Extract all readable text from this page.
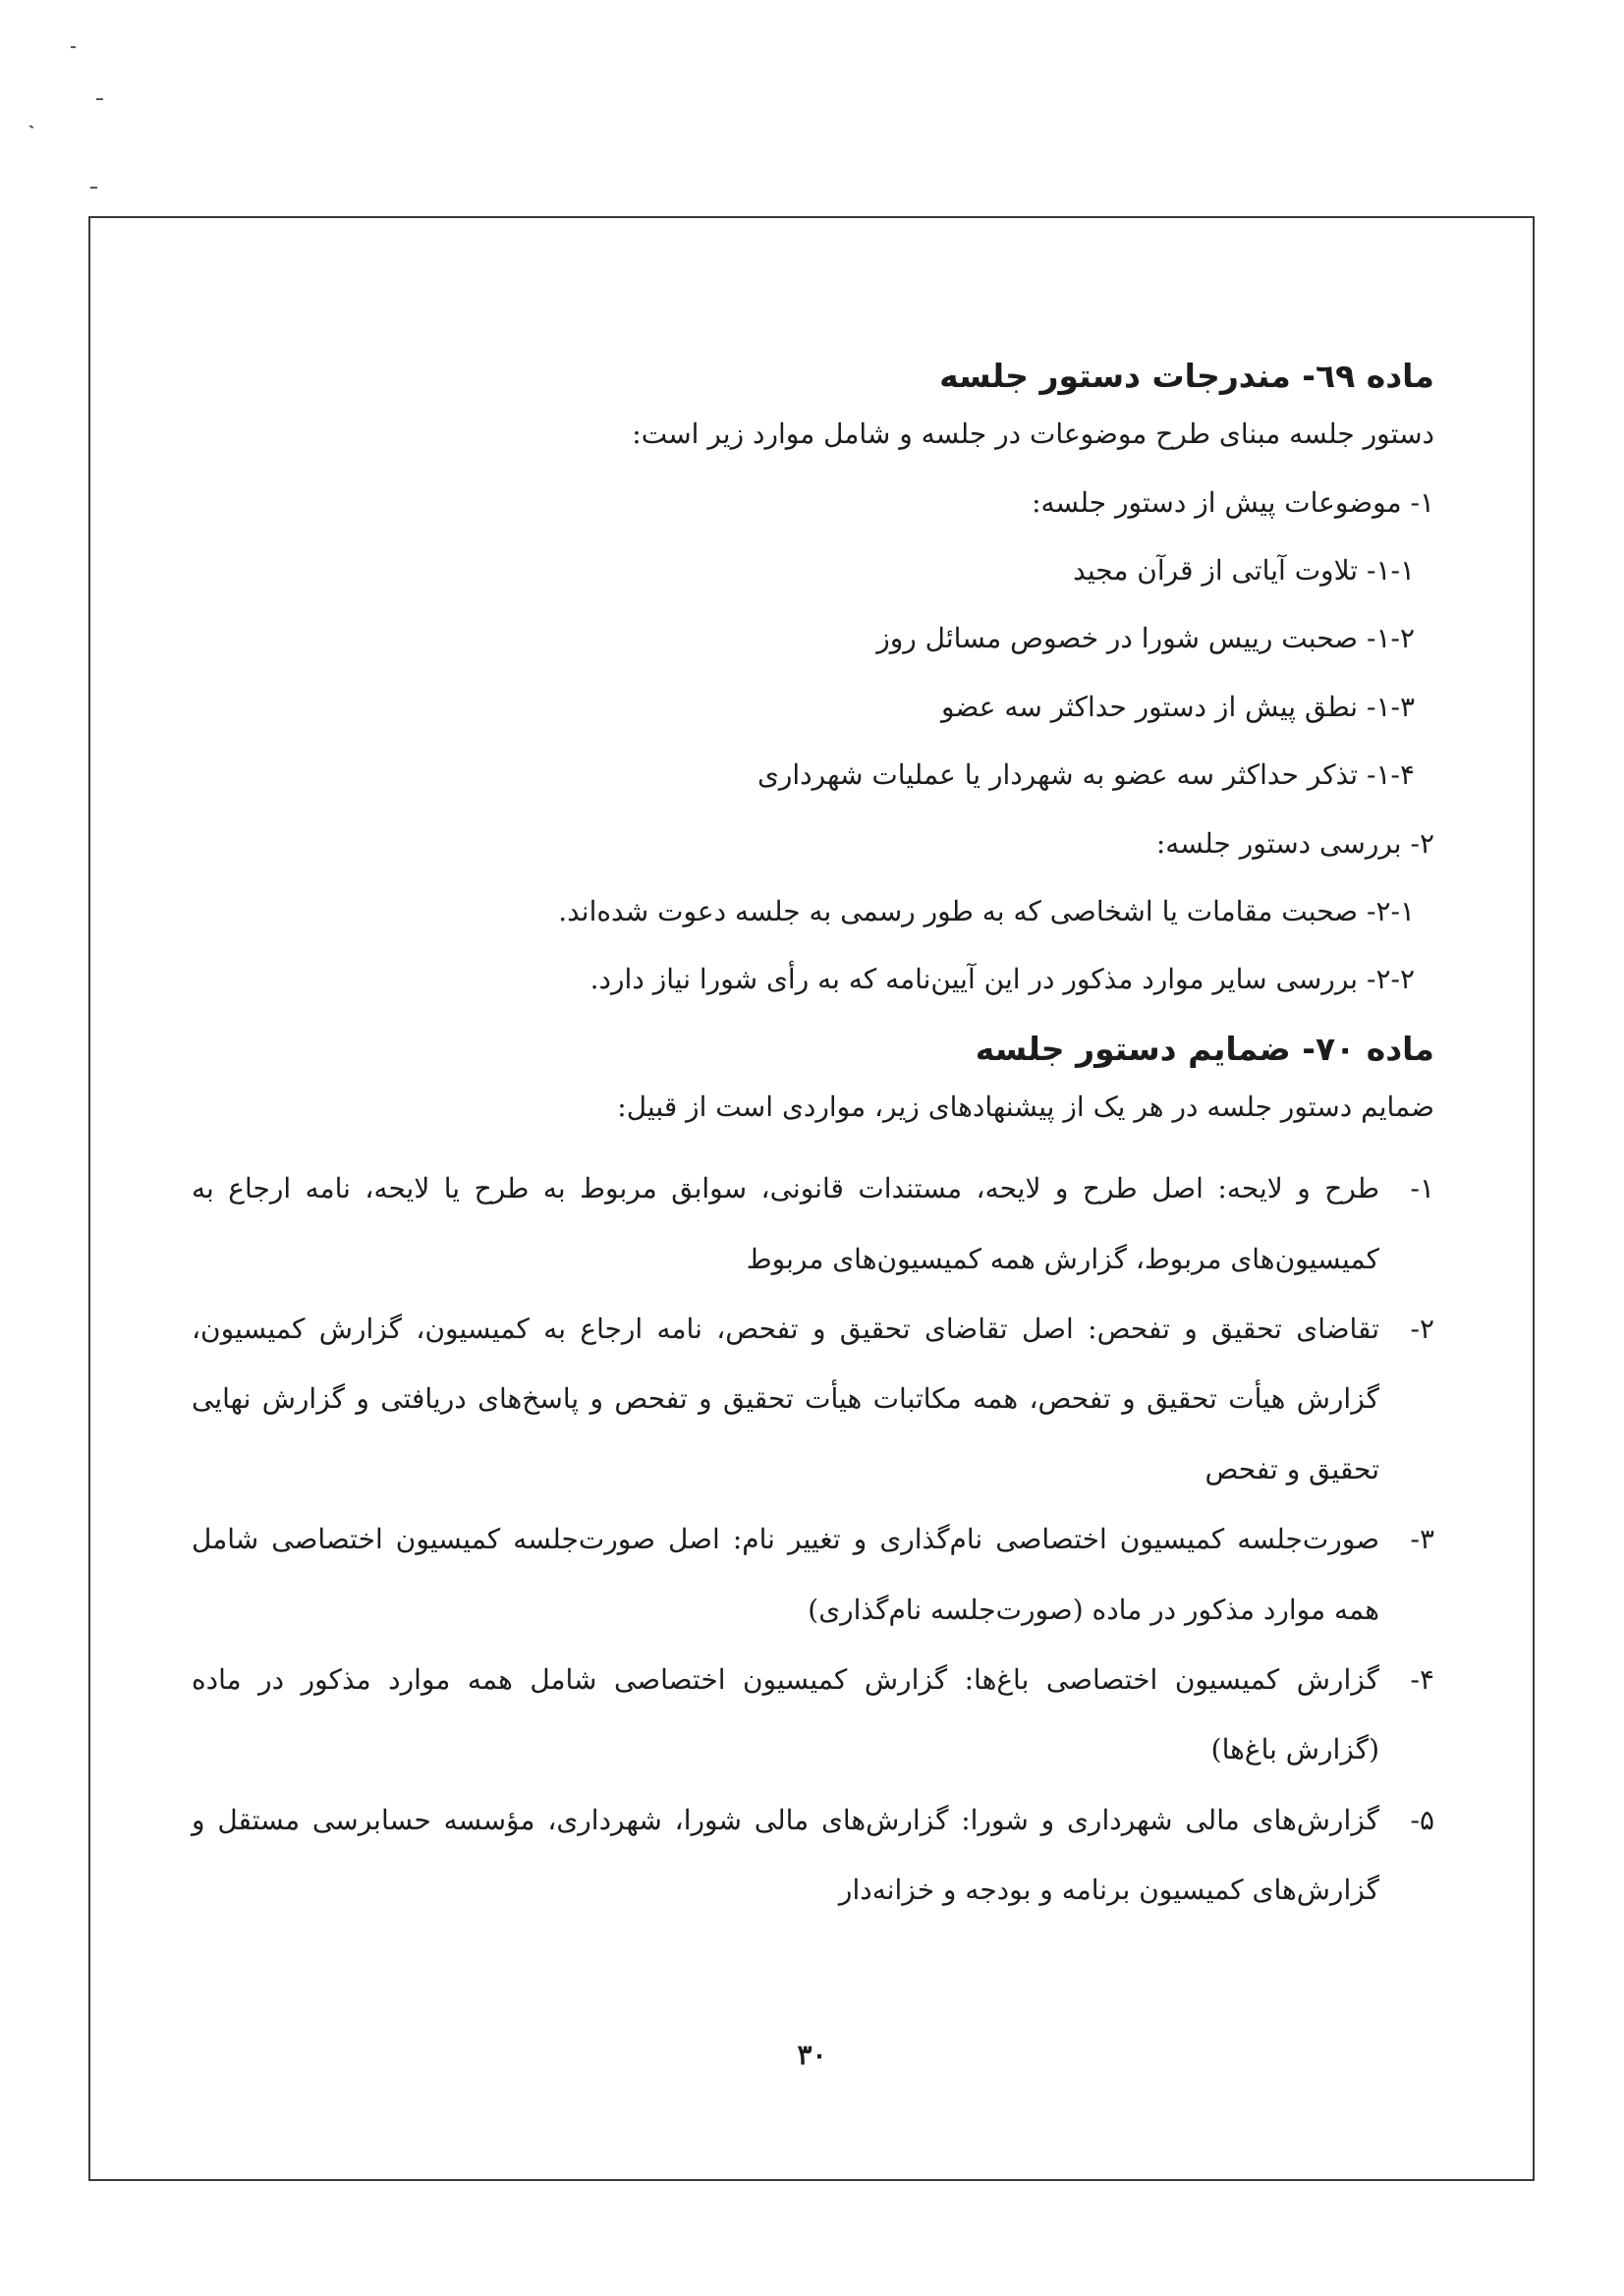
ماده ٦٩- مندرجات دستور جلسه
دستور جلسه مبنای طرح موضوعات در جلسه و شامل موارد زیر است:
١- موضوعات پیش از دستور جلسه:
١-١- تلاوت آیاتی از قرآن مجید
٢-١- صحبت رییس شورا در خصوص مسائل روز
٣-١- نطق پیش از دستور حداکثر سه عضو
۴-١- تذکر حداکثر سه عضو به شهردار یا عملیات شهرداری
٢- بررسی دستور جلسه:
١-٢- صحبت مقامات یا اشخاصی که به طور رسمی به جلسه دعوت شده‌اند.
٢-٢- بررسی سایر موارد مذکور در این آیین‌نامه که به رأی شورا نیاز دارد.
ماده ٧٠- ضمایم دستور جلسه
ضمایم دستور جلسه در هر یک از پیشنهادهای زیر، مواردی است از قبیل:
١-
طرح و لایحه: اصل طرح و لایحه، مستندات قانونی، سوابق مربوط به طرح یا لایحه، نامه ارجاع به کمیسیون‌های مربوط، گزارش همه کمیسیون‌های مربوط
٢-
تقاضای تحقیق و تفحص: اصل تقاضای تحقیق و تفحص، نامه ارجاع به کمیسیون، گزارش کمیسیون، گزارش هیأت تحقیق و تفحص، همه مکاتبات هیأت تحقیق و تفحص و پاسخ‌های دریافتی و گزارش نهایی تحقیق و تفحص
٣-
صورت‌جلسه کمیسیون اختصاصی نام‌گذاری و تغییر نام: اصل صورت‌جلسه کمیسیون اختصاصی شامل همه موارد مذکور در ماده (صورت‌جلسه نام‌گذاری)
۴-
گزارش کمیسیون اختصاصی باغ‌ها: گزارش کمیسیون اختصاصی شامل همه موارد مذکور در ماده (گزارش باغ‌ها)
۵-
گزارش‌های مالی شهرداری و شورا: گزارش‌های مالی شورا، شهرداری، مؤسسه حسابرسی مستقل و گزارش‌های کمیسیون برنامه و بودجه و خزانه‌دار
٣٠
